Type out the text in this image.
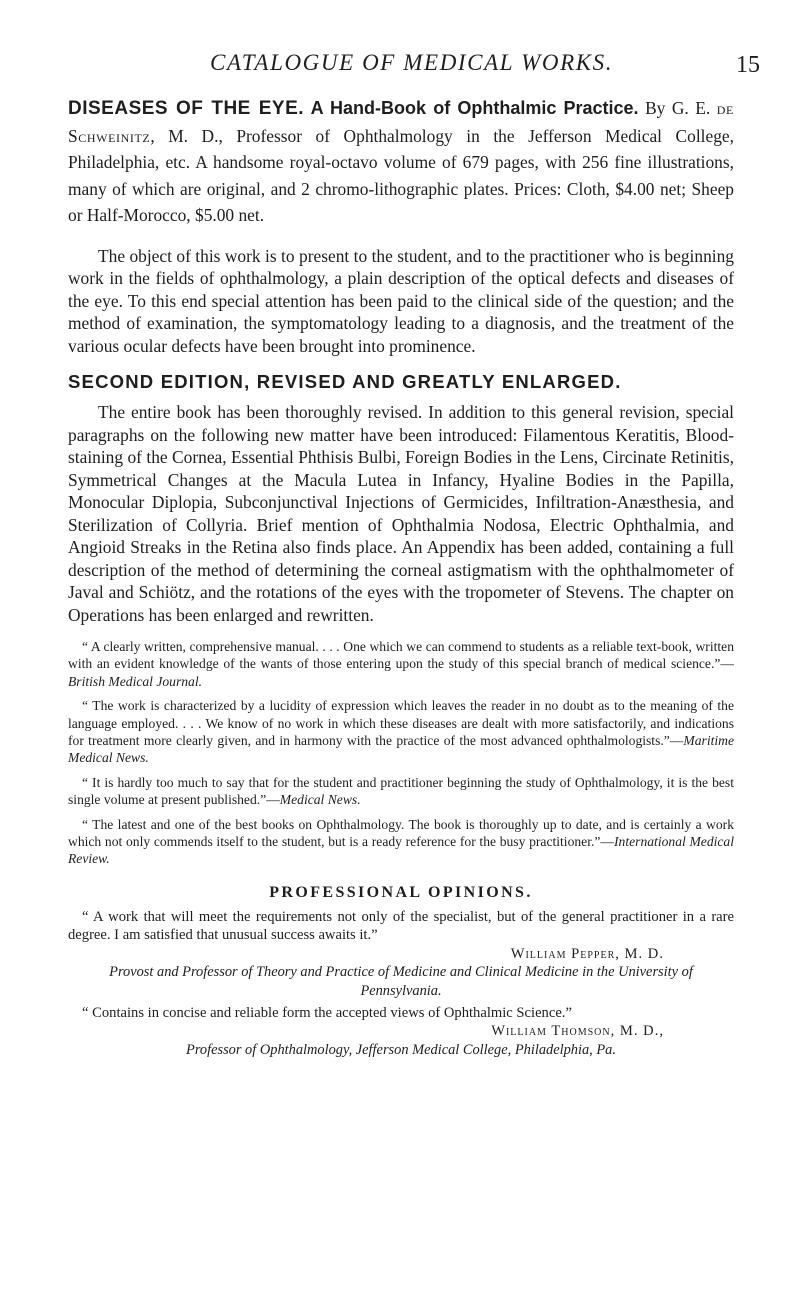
CATALOGUE OF MEDICAL WORKS.	15

DISEASES OF THE EYE. A Hand-Book of Ophthalmic Practice. By G. E. de Schweinitz, M. D., Professor of Ophthalmology in the Jefferson Medical College, Philadelphia, etc. A handsome royal-octavo volume of 679 pages, with 256 fine illustrations, many of which are original, and 2 chromo-lithographic plates. Prices: Cloth, $4.00 net; Sheep or Half-Morocco, $5.00 net.

The object of this work is to present to the student, and to the practitioner who is beginning work in the fields of ophthalmology, a plain description of the optical defects and diseases of the eye. To this end special attention has been paid to the clinical side of the question; and the method of examination, the symptomatology leading to a diagnosis, and the treatment of the various ocular defects have been brought into prominence.

SECOND EDITION, REVISED AND GREATLY ENLARGED.

The entire book has been thoroughly revised. In addition to this general revision, special paragraphs on the following new matter have been introduced: Filamentous Keratitis, Blood-staining of the Cornea, Essential Phthisis Bulbi, Foreign Bodies in the Lens, Circinate Retinitis, Symmetrical Changes at the Macula Lutea in Infancy, Hyaline Bodies in the Papilla, Monocular Diplopia, Subconjunctival Injections of Germicides, Infiltration-Anæsthesia, and Sterilization of Collyria. Brief mention of Ophthalmia Nodosa, Electric Ophthalmia, and Angioid Streaks in the Retina also finds place. An Appendix has been added, containing a full description of the method of determining the corneal astigmatism with the ophthalmometer of Javal and Schiötz, and the rotations of the eyes with the tropometer of Stevens. The chapter on Operations has been enlarged and rewritten.

“ A clearly written, comprehensive manual. . . . One which we can commend to students as a reliable text-book, written with an evident knowledge of the wants of those entering upon the study of this special branch of medical science.”—British Medical Journal.

“ The work is characterized by a lucidity of expression which leaves the reader in no doubt as to the meaning of the language employed. . . . We know of no work in which these diseases are dealt with more satisfactorily, and indications for treatment more clearly given, and in harmony with the practice of the most advanced ophthalmologists.”—Maritime Medical News.

“ It is hardly too much to say that for the student and practitioner beginning the study of Ophthalmology, it is the best single volume at present published.”—Medical News.

“ The latest and one of the best books on Ophthalmology. The book is thoroughly up to date, and is certainly a work which not only commends itself to the student, but is a ready reference for the busy practitioner.”—International Medical Review.

PROFESSIONAL OPINIONS.

“ A work that will meet the requirements not only of the specialist, but of the general practitioner in a rare degree. I am satisfied that unusual success awaits it.”

William Pepper, M. D.
Provost and Professor of Theory and Practice of Medicine and Clinical Medicine in the University of Pennsylvania.

“ Contains in concise and reliable form the accepted views of Ophthalmic Science.”

William Thomson, M. D.,
Professor of Ophthalmology, Jefferson Medical College, Philadelphia, Pa.
